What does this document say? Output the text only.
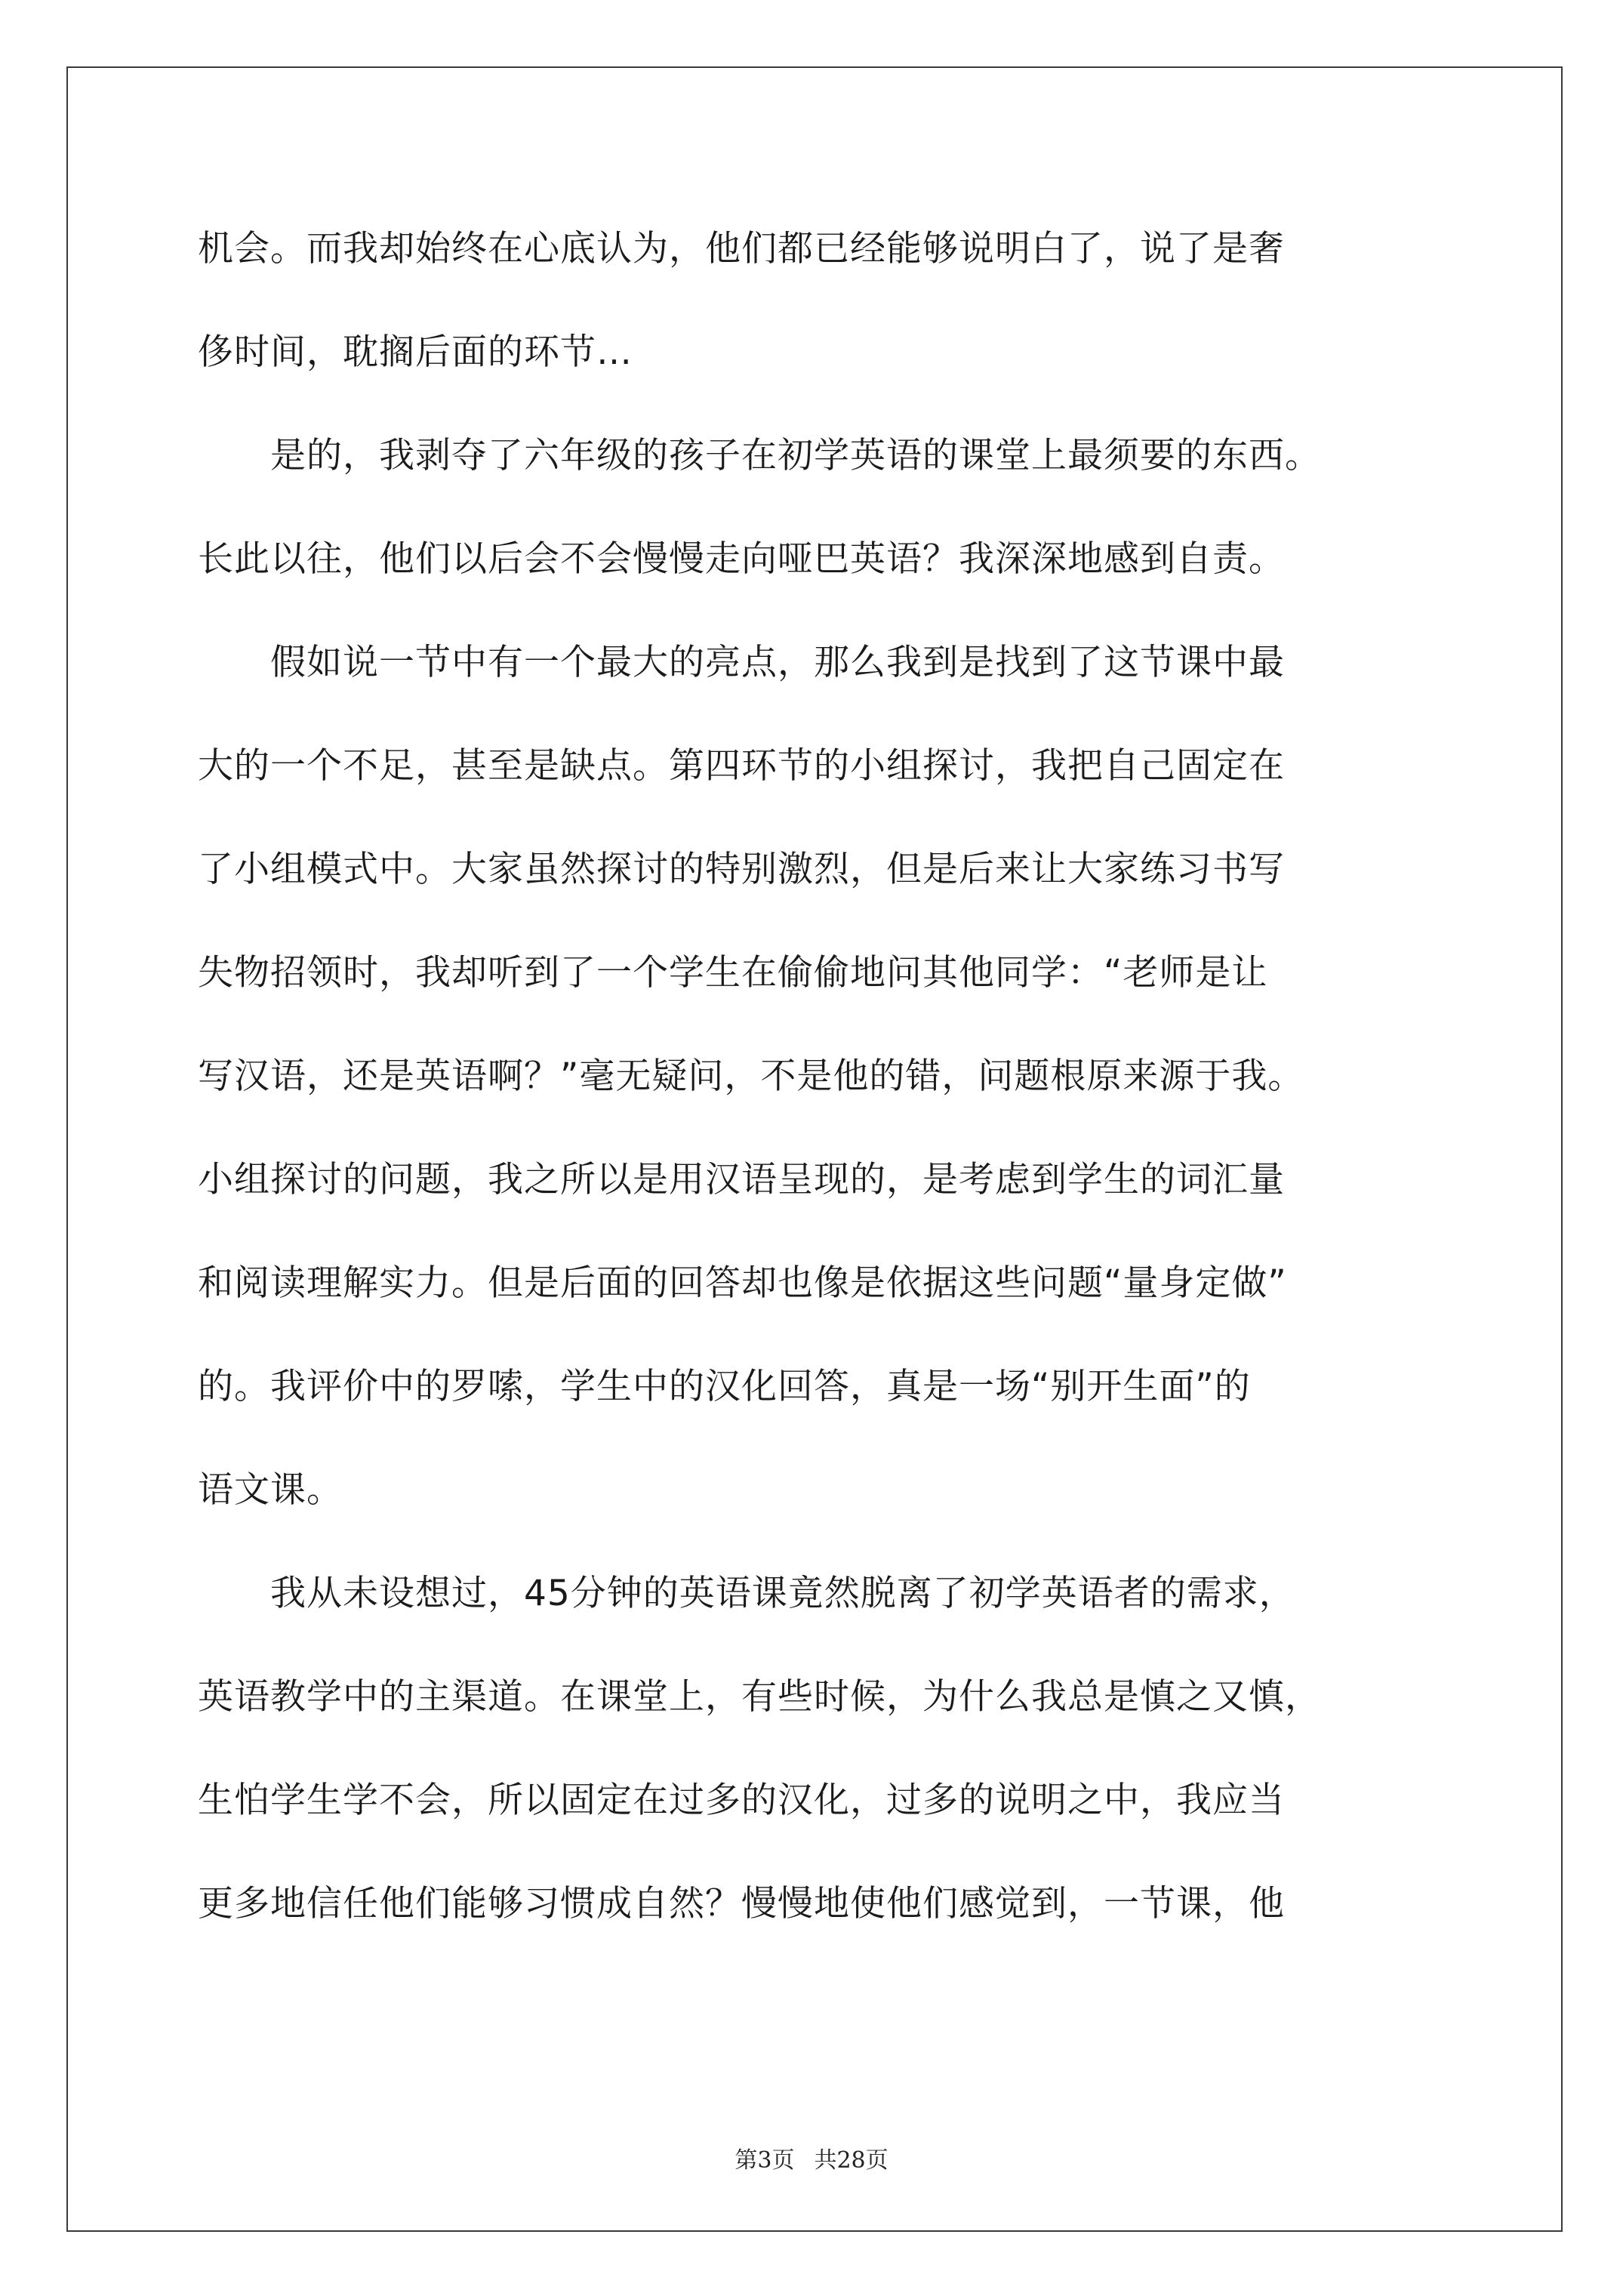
机会。而我却始终在心底认为，他们都已经能够说明白了，说了是奢
侈时间，耽搁后面的环节…
　　是的，我剥夺了六年级的孩子在初学英语的课堂上最须要的东西。
长此以往，他们以后会不会慢慢走向哑巴英语？我深深地感到自责。
　　假如说一节中有一个最大的亮点，那么我到是找到了这节课中最
大的一个不足，甚至是缺点。第四环节的小组探讨，我把自己固定在
了小组模式中。大家虽然探讨的特别激烈，但是后来让大家练习书写
失物招领时，我却听到了一个学生在偷偷地问其他同学：“老师是让
写汉语，还是英语啊？”毫无疑问，不是他的错，问题根原来源于我。
小组探讨的问题，我之所以是用汉语呈现的，是考虑到学生的词汇量
和阅读理解实力。但是后面的回答却也像是依据这些问题“量身定做”
的。我评价中的罗嗦，学生中的汉化回答，真是一场“别开生面”的
语文课。
　　我从未设想过，45分钟的英语课竟然脱离了初学英语者的需求，
英语教学中的主渠道。在课堂上，有些时候，为什么我总是慎之又慎，
生怕学生学不会，所以固定在过多的汉化，过多的说明之中，我应当
更多地信任他们能够习惯成自然？慢慢地使他们感觉到，一节课，他
第3页 共28页
